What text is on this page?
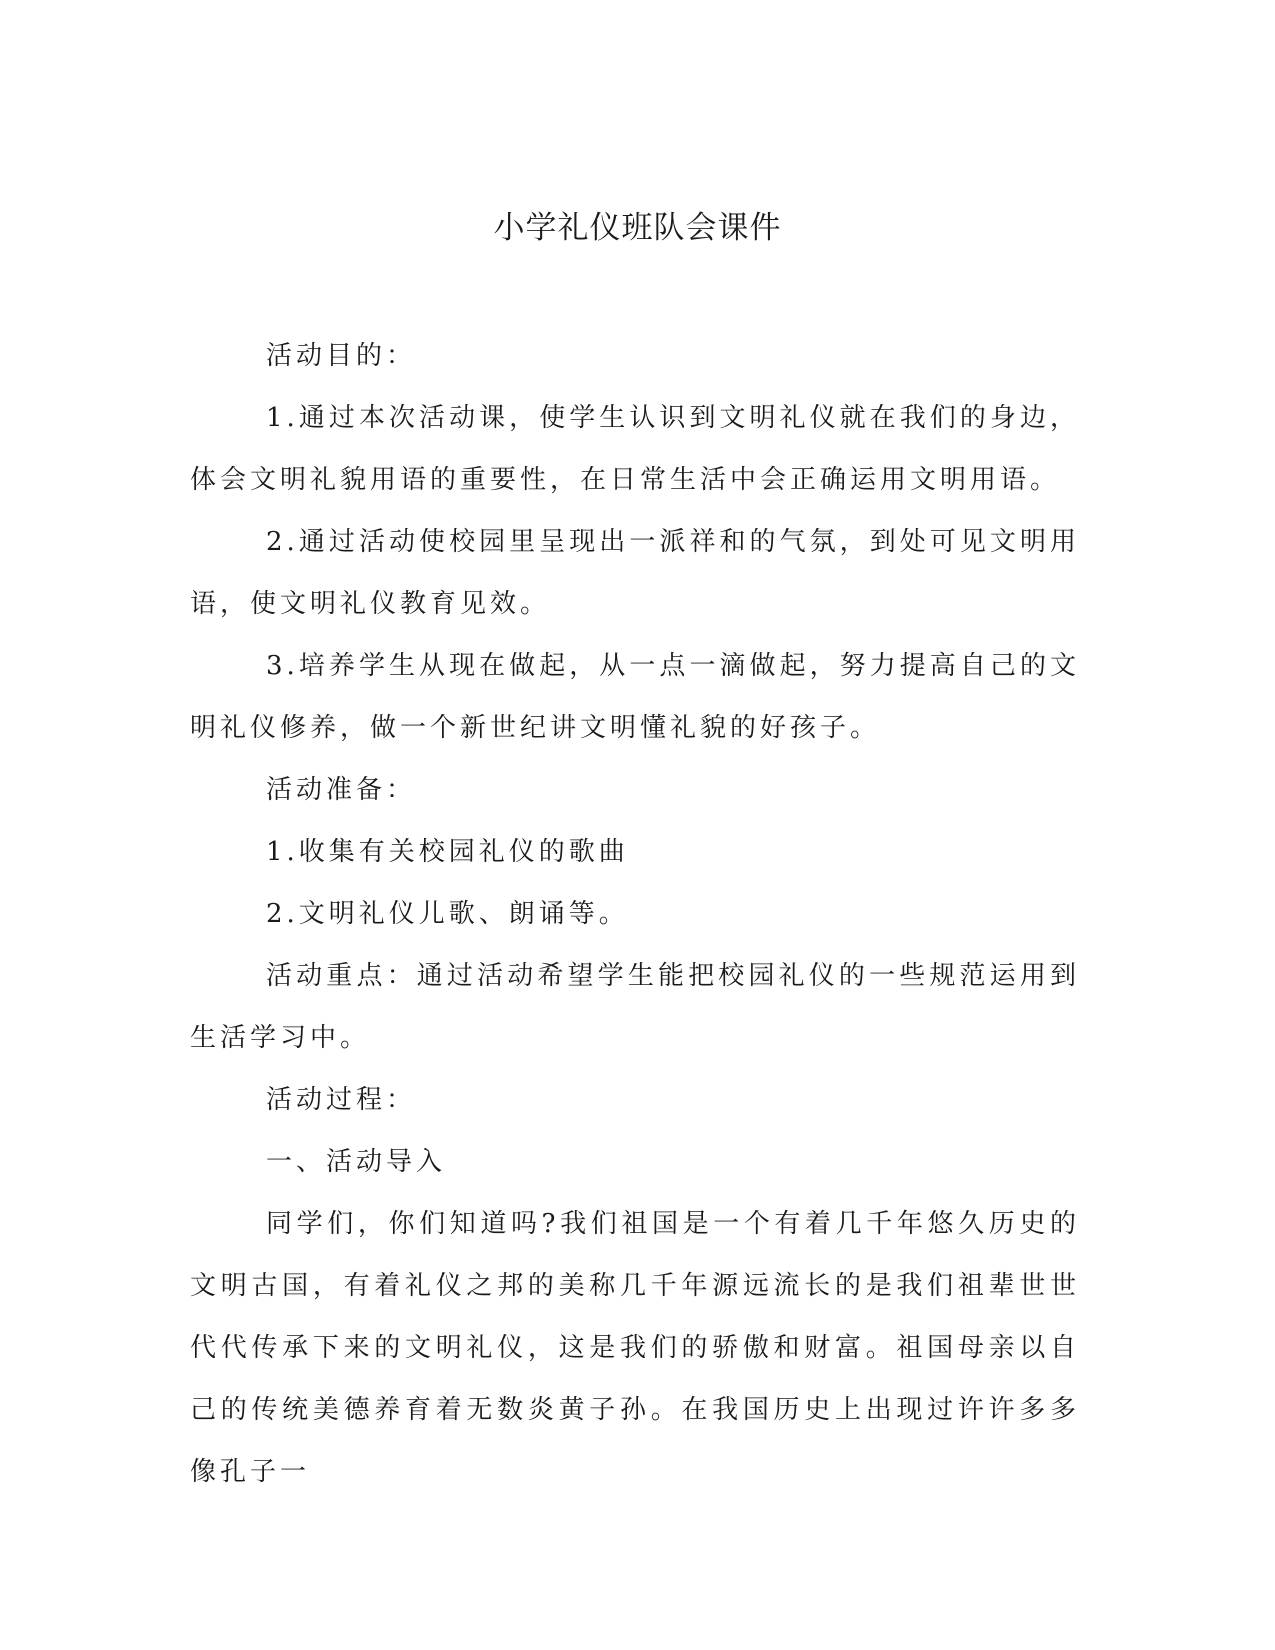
小学礼仪班队会课件

活动目的：

1.通过本次活动课，使学生认识到文明礼仪就在我们的身边，体会文明礼貌用语的重要性，在日常生活中会正确运用文明用语。

2.通过活动使校园里呈现出一派祥和的气氛，到处可见文明用语，使文明礼仪教育见效。

3.培养学生从现在做起，从一点一滴做起，努力提高自己的文明礼仪修养，做一个新世纪讲文明懂礼貌的好孩子。

活动准备：

1.收集有关校园礼仪的歌曲

2.文明礼仪儿歌、朗诵等。

活动重点：通过活动希望学生能把校园礼仪的一些规范运用到生活学习中。

活动过程：

一、活动导入

同学们，你们知道吗?我们祖国是一个有着几千年悠久历史的文明古国，有着礼仪之邦的美称几千年源远流长的是我们祖辈世世代代传承下来的文明礼仪，这是我们的骄傲和财富。祖国母亲以自己的传统美德养育着无数炎黄子孙。在我国历史上出现过许许多多像孔子一
